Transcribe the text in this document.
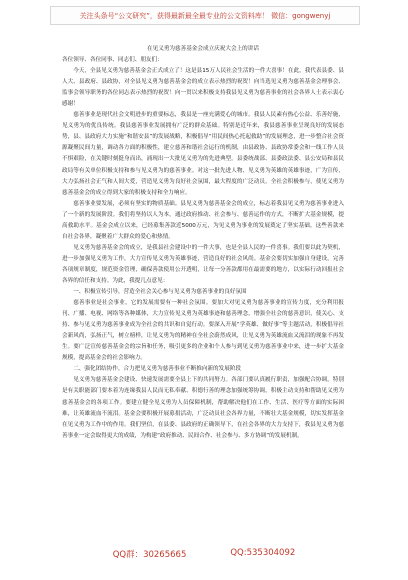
关注头条号“公文研究”，获得最新最全最专业的公文资料库！ 微信：gongwenyj

在见义勇为慈善基金会成立庆祝大会上的讲话

各位领导、各位同事、同志们、朋友们：

今天，全县见义勇为慈善基金会正式成立了！这是县15万人民社会生活的一件大喜事！在此，我代表县委、县人大、县政府、县政协，对全县见义勇为慈善基金会的成立表示热烈的祝贺！向当选见义勇为慈善基金会理事会、监事会领导职务的各位同志表示热烈的祝贺！向一贯以来积极支持我县见义勇为慈善事业的社会各界人士表示衷心感谢！

慈善事业是现代社会文明进步的重要标志，我县是一座充满爱心的城市。我县人民素有热心公益、乐善好施、见义勇为的优良传统。我县慈善事业发展拥有广泛的群众基础。特别是近年来，我县慈善事业呈现良好的发展态势，县、县政府大力实施“和谐安县”的发展战略，积极倡导“用民间热心托起救助”的发展理念，进一步整合社会资源凝聚民间力量，调动各方面的积极性，建立慈善和谐社会运行的机制，由县政协、县政协常委会和一线工作人员不惧艰险，在关键时刻挺身而出，涌现出一大批见义勇为的先进典型。县委统战部、县委政法委、县公安局和县民政局等有关单位积极支持和参与见义勇为的慈善事业。对这一批先进人物、见义勇为英雄的英雄事迹，广为宣传，大力弘扬社会正气和人间大爱，营造见义勇为良好社会氛围，最大程度的广泛动员，全社会积极参与，使见义勇为慈善基金会的成立得到大家的积极支持和全力响应。

慈善事业要发展，必须有坚实的物质基础。县见义勇为慈善基金会的成立，标志着我县见义勇为慈善事业进入了一个新的发展阶段。我们将坚持以人为本，通过政府推动、社会参与、慈善运作的方式，不断扩大基金规模，提高救助水平。基金会成立以来，已经募集善款近5000万元，为见义勇为事业的发展奠定了坚实基础。这些善款来自社会各界，凝聚着广大群众的爱心和热情。

见义勇为慈善基金会的成立，是我县社会建设中的一件大事，也是全县人民的一件喜事。我们要以此为契机，进一步加强见义勇为工作，大力宣传见义勇为英雄事迹，营造良好的社会风尚。基金会要切实加强自身建设，完善各项规章制度，规范资金管理，确保善款使用公开透明，让每一分善款都用在最需要的地方，以实际行动回报社会各界的信任和支持。为此，我提几点意见：

一、积极宣传引导，营造全社会关心参与见义勇为慈善事业的良好氛围

慈善事业是社会事业，它的发展需要有一种社会氛围。要加大对见义勇为慈善事业的宣传力度，充分利用报刊、广播、电视、网络等各种媒体，大力宣传见义勇为英雄事迹和慈善理念，增强全社会的慈善意识，使关心、支持、参与见义勇为慈善事业成为全社会的共识和自觉行动。要深入开展“学英雄、做好事”等主题活动，积极倡导社会新风尚，弘扬正气，树立榜样，让见义勇为的精神在全社会蔚然成风，让见义勇为英雄流血又流泪的现象不再发生。要广泛宣传慈善基金会的宗旨和任务，吸引更多的企业和个人参与到见义勇为慈善事业中来，进一步扩大基金规模，提高基金会的社会影响力。

二、强化团结协作，合力把见义勇为慈善事业不断推向新的发展阶段

见义勇为慈善基金会建设、快速发展需要全县上下的共同努力。各部门要认真履行职责，加强配合协调，特别是有关职能部门要本着为连缘我县人民而无私奉献、积德行善的理念加强统筹协调，积极主动支持和帮助见义勇为慈善基金会的各项工作。要建立健全见义勇为人员保障机制，帮助解决他们在工作、生活、医疗等方面的实际困难，让英雄流血不流泪。基金会要积极开展募捐活动，广泛动员社会各界力量，不断壮大基金规模，切实发挥基金在见义勇为工作中的作用。我们坚信，在县委、县政府的正确领导下，在社会各界的大力支持下，我县见义勇为慈善事业一定会取得更大的成绩，为构建“政府推动、民间合作、社会参与、多方协调”的发展机制，

QQ群：30265665	QQ:535304092
